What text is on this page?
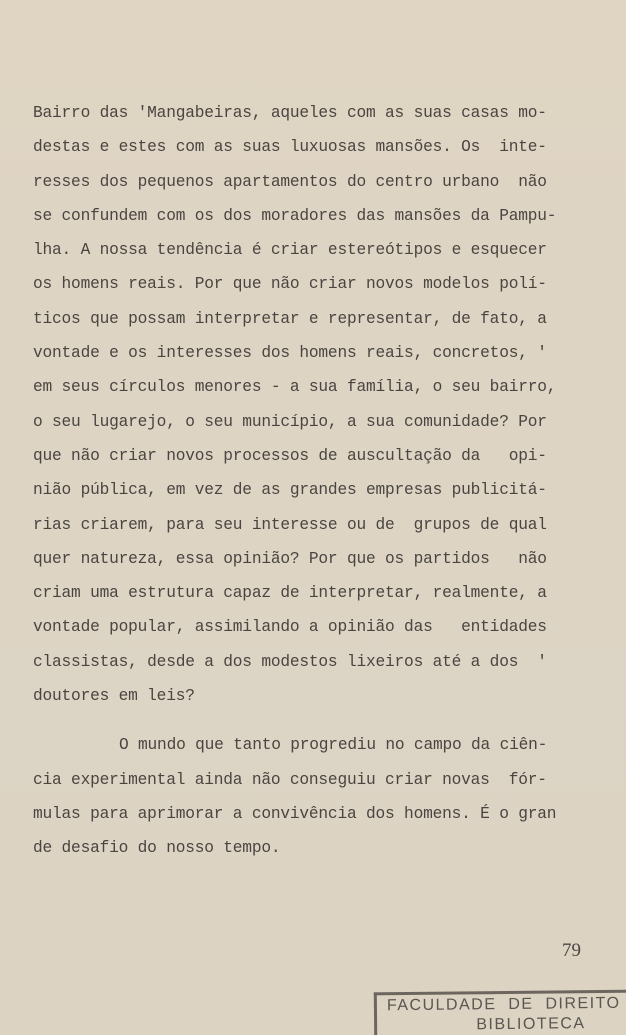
Bairro das 'Mangabeiras, aqueles com as suas casas mo-
destas e estes com as suas luxuosas mansões. Os  inte-
resses dos pequenos apartamentos do centro urbano  não
se confundem com os dos moradores das mansões da Pampu-
lha. A nossa tendência é criar estereótipos e esquecer
os homens reais. Por que não criar novos modelos polí-
ticos que possam interpretar e representar, de fato, a
vontade e os interesses dos homens reais, concretos, '
em seus círculos menores - a sua família, o seu bairro,
o seu lugarejo, o seu município, a sua comunidade? Por
que não criar novos processos de auscultação da   opi-
nião pública, em vez de as grandes empresas publicitá-
rias criarem, para seu interesse ou de  grupos de qual
quer natureza, essa opinião? Por que os partidos   não
criam uma estrutura capaz de interpretar, realmente, a
vontade popular, assimilando a opinião das   entidades
classistas, desde a dos modestos lixeiros até a dos  '
doutores em leis?
O mundo que tanto progrediu no campo da ciên-
cia experimental ainda não conseguiu criar novas  fór-
mulas para aprimorar a convivência dos homens. É o gran
de desafio do nosso tempo.
79
FACULDADE  DE  DIREITO
BIBLIOTECA
